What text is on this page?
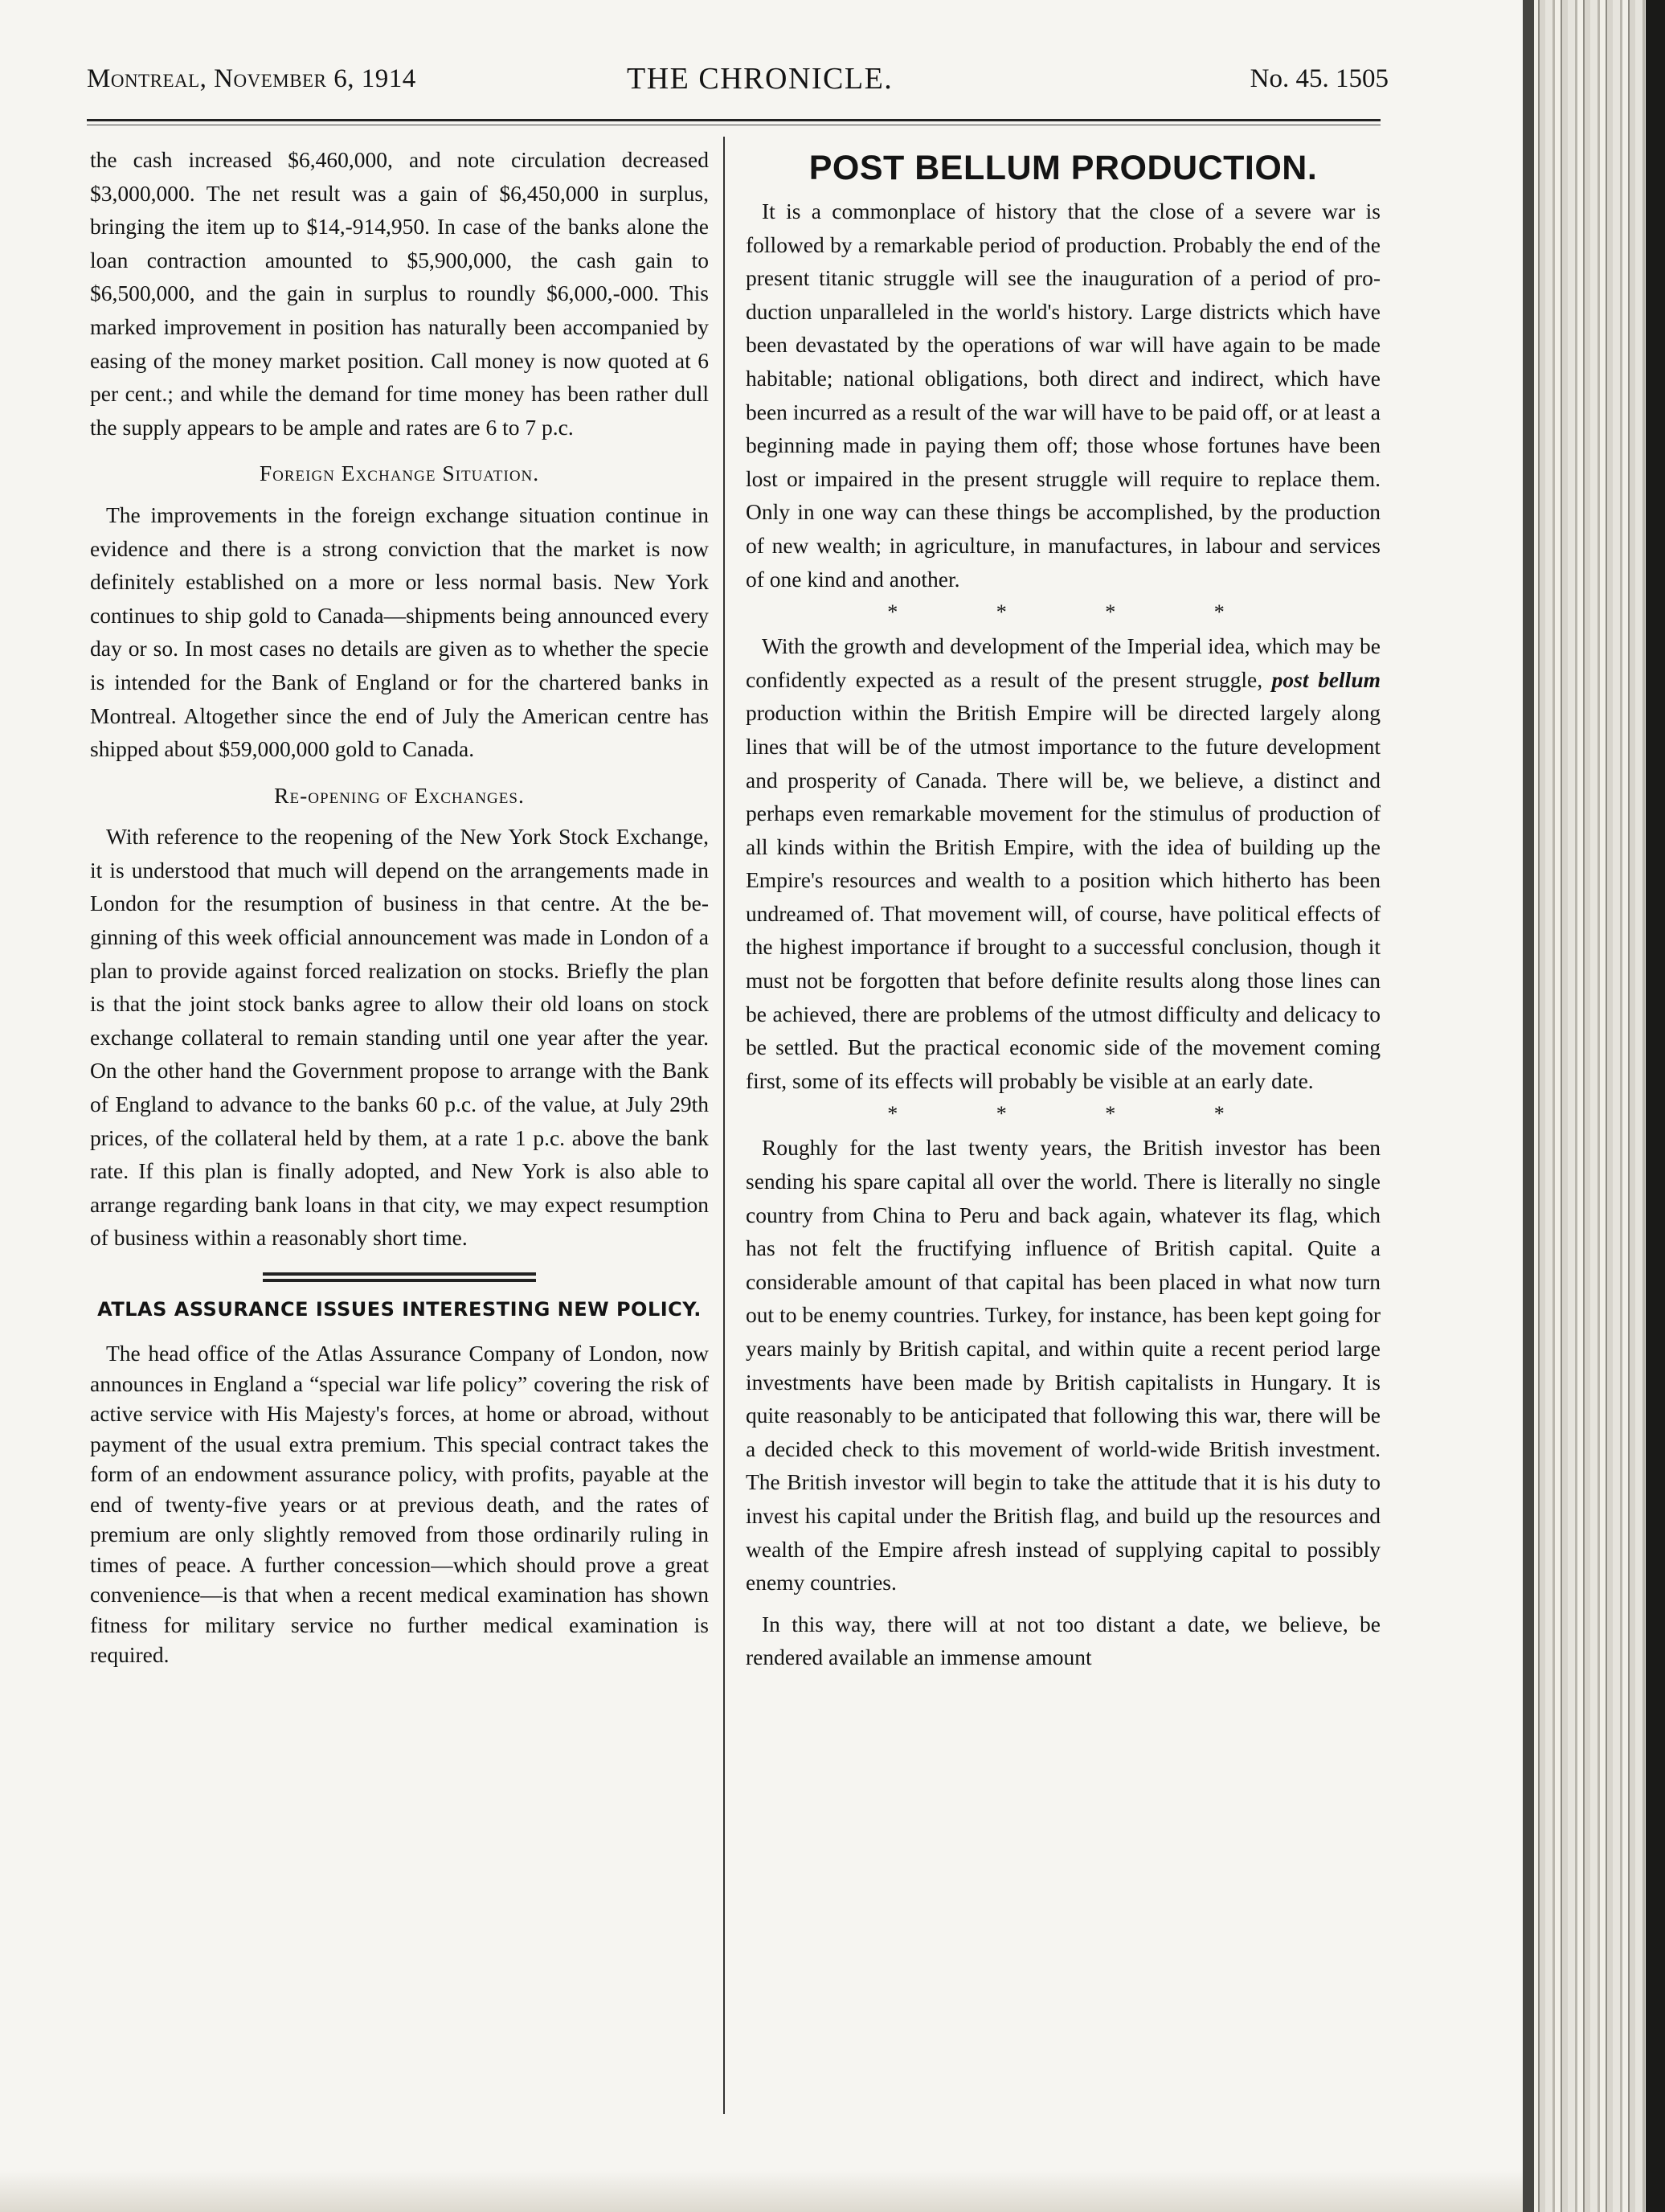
Montreal, November 6, 1914	THE CHRONICLE.	No. 45. 1505

the cash increased $6,460,000, and note circulation decreased $3,000,000. The net result was a gain of $6,450,000 in surplus, bringing the item up to $14,-914,950. In case of the banks alone the loan contraction amounted to $5,900,000, the cash gain to $6,500,000, and the gain in surplus to roundly $6,000,-000. This marked improvement in position has naturally been accompanied by easing of the money market position. Call money is now quoted at 6 per cent.; and while the demand for time money has been rather dull the supply appears to be ample and rates are 6 to 7 p.c.

Foreign Exchange Situation.

The improvements in the foreign exchange situation continue in evidence and there is a strong conviction that the market is now definitely established on a more or less normal basis. New York continues to ship gold to Canada—shipments being announced every day or so. In most cases no details are given as to whether the specie is intended for the Bank of England or for the chartered banks in Montreal. Altogether since the end of July the American centre has shipped about $59,000,000 gold to Canada.

Re-opening of Exchanges.

With reference to the reopening of the New York Stock Exchange, it is understood that much will depend on the arrangements made in London for the resumption of business in that centre. At the beginning of this week official announcement was made in London of a plan to provide against forced realization on stocks. Briefly the plan is that the joint stock banks agree to allow their old loans on stock exchange collateral to remain standing until one year after the year. On the other hand the Government propose to arrange with the Bank of England to advance to the banks 60 p.c. of the value, at July 29th prices, of the collateral held by them, at a rate 1 p.c. above the bank rate. If this plan is finally adopted, and New York is also able to arrange regarding bank loans in that city, we may expect resumption of business within a reasonably short time.

ATLAS ASSURANCE ISSUES INTERESTING NEW POLICY.

The head office of the Atlas Assurance Company of London, now announces in England a “special war life policy” covering the risk of active service with His Majesty's forces, at home or abroad, without payment of the usual extra premium. This special contract takes the form of an endowment assurance policy, with profits, payable at the end of twenty-five years or at previous death, and the rates of premium are only slightly removed from those ordinarily ruling in times of peace. A further concession—which should prove a great convenience—is that when a recent medical examination has shown fitness for military service no further medical examination is required.

POST BELLUM PRODUCTION.

It is a commonplace of history that the close of a severe war is followed by a remarkable period of production. Probably the end of the present titanic struggle will see the inauguration of a period of production unparalleled in the world's history. Large districts which have been devastated by the operations of war will have again to be made habitable; national obligations, both direct and indirect, which have been incurred as a result of the war will have to be paid off, or at least a beginning made in paying them off; those whose fortunes have been lost or impaired in the present struggle will require to replace them. Only in one way can these things be accomplished, by the production of new wealth; in agriculture, in manufactures, in labour and services of one kind and another.

* * * *

With the growth and development of the Imperial idea, which may be confidently expected as a result of the present struggle, post bellum production within the British Empire will be directed largely along lines that will be of the utmost importance to the future development and prosperity of Canada. There will be, we believe, a distinct and perhaps even remarkable movement for the stimulus of production of all kinds within the British Empire, with the idea of building up the Empire's resources and wealth to a position which hitherto has been undreamed of. That movement will, of course, have political effects of the highest importance if brought to a successful conclusion, though it must not be forgotten that before definite results along those lines can be achieved, there are problems of the utmost difficulty and delicacy to be settled. But the practical economic side of the movement coming first, some of its effects will probably be visible at an early date.

* * * *

Roughly for the last twenty years, the British investor has been sending his spare capital all over the world. There is literally no single country from China to Peru and back again, whatever its flag, which has not felt the fructifying influence of British capital. Quite a considerable amount of that capital has been placed in what now turn out to be enemy countries. Turkey, for instance, has been kept going for years mainly by British capital, and within quite a recent period large investments have been made by British capitalists in Hungary. It is quite reasonably to be anticipated that following this war, there will be a decided check to this movement of world-wide British investment. The British investor will begin to take the attitude that it is his duty to invest his capital under the British flag, and build up the resources and wealth of the Empire afresh instead of supplying capital to possibly enemy countries.

In this way, there will at not too distant a date, we believe, be rendered available an immense amount
